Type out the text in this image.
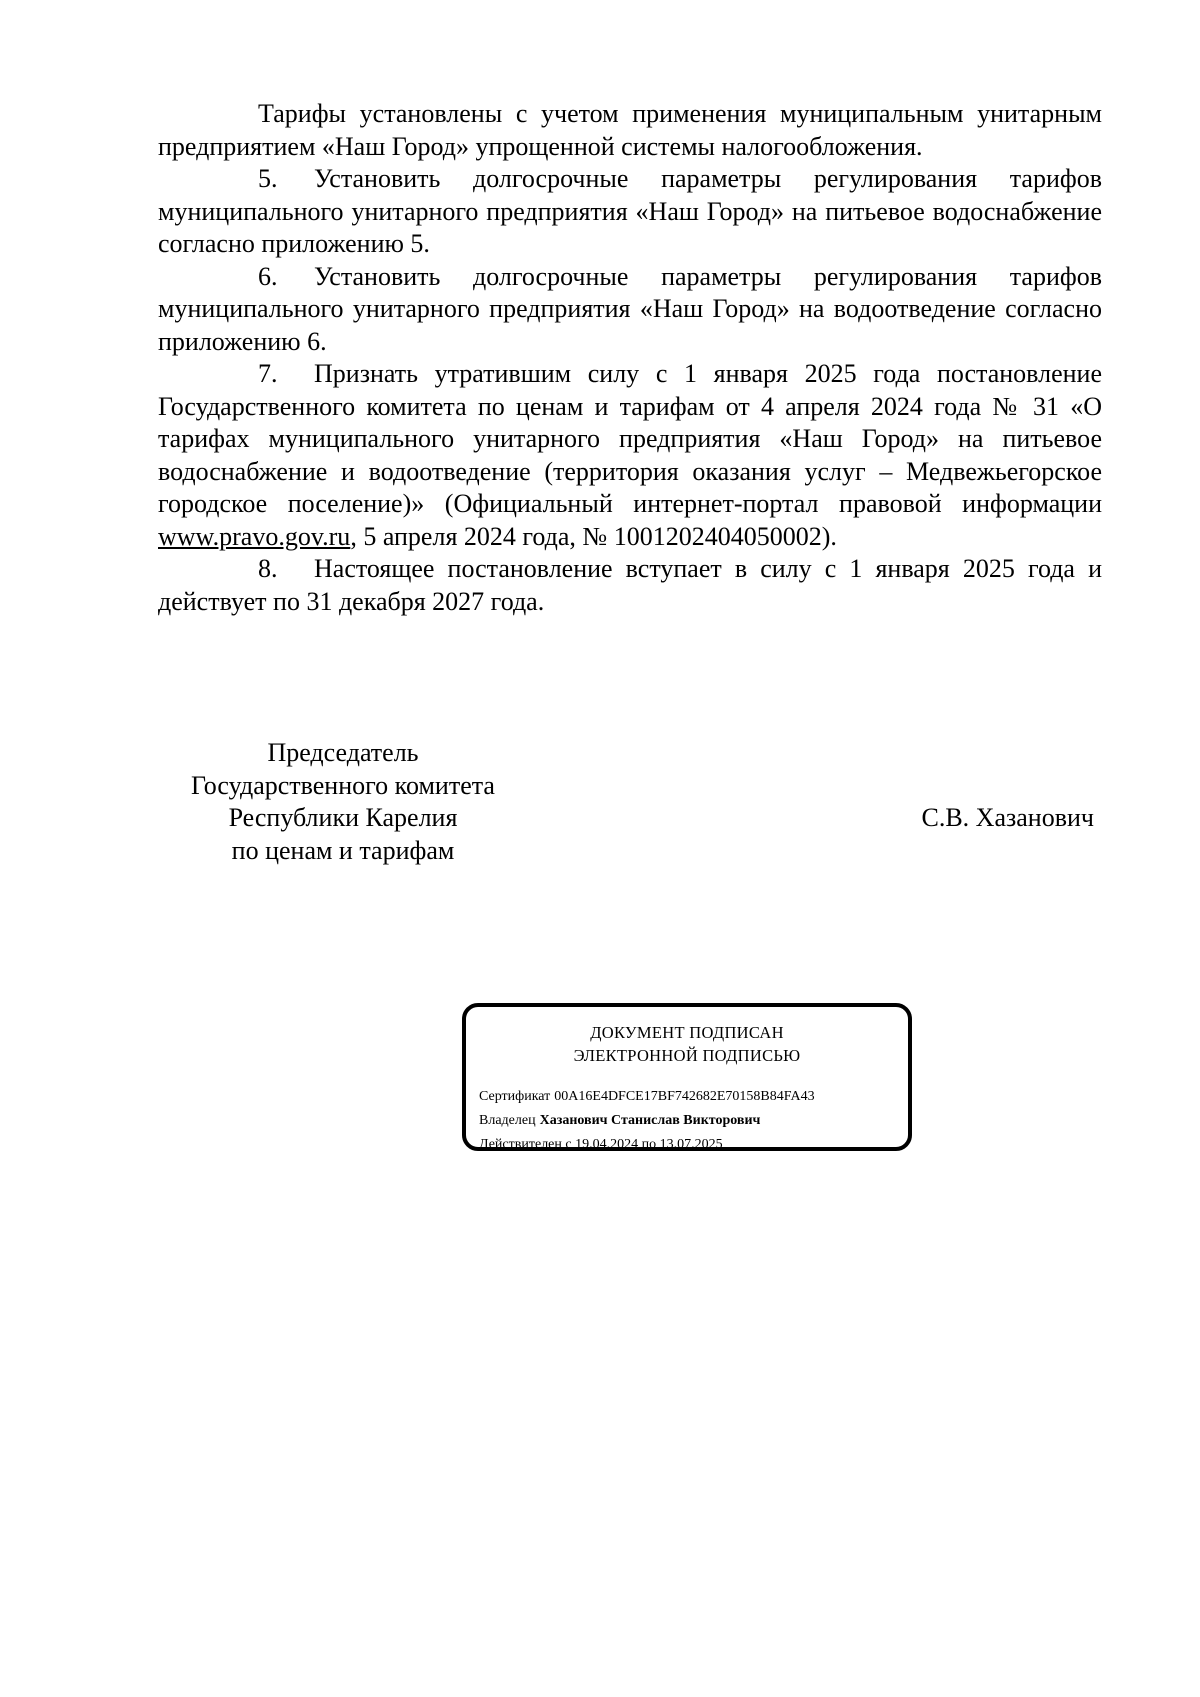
Тарифы установлены с учетом применения муниципальным унитарным предприятием «Наш Город» упрощенной системы налогообложения.

5. Установить долгосрочные параметры регулирования тарифов муниципального унитарного предприятия «Наш Город» на питьевое водоснабжение согласно приложению 5.

6. Установить долгосрочные параметры регулирования тарифов муниципального унитарного предприятия «Наш Город» на водоотведение согласно приложению 6.

7. Признать утратившим силу с 1 января 2025 года постановление Государственного комитета по ценам и тарифам от 4 апреля 2024 года № 31 «О тарифах муниципального унитарного предприятия «Наш Город» на питьевое водоснабжение и водоотведение (территория оказания услуг – Медвежьегорское городское поселение)» (Официальный интернет-портал правовой информации www.pravo.gov.ru, 5 апреля 2024 года, № 1001202404050002).

8. Настоящее постановление вступает в силу с 1 января 2025 года и действует по 31 декабря 2027 года.

Председатель
Государственного комитета
Республики Карелия
по ценам и тарифам
С.В. Хазанович
ДОКУМЕНТ ПОДПИСАН
ЭЛЕКТРОННОЙ ПОДПИСЬЮ
Сертификат 00A16E4DFCE17BF742682E70158B84FA43
Владелец Хазанович Станислав Викторович
Действителен с 19.04.2024 по 13.07.2025
